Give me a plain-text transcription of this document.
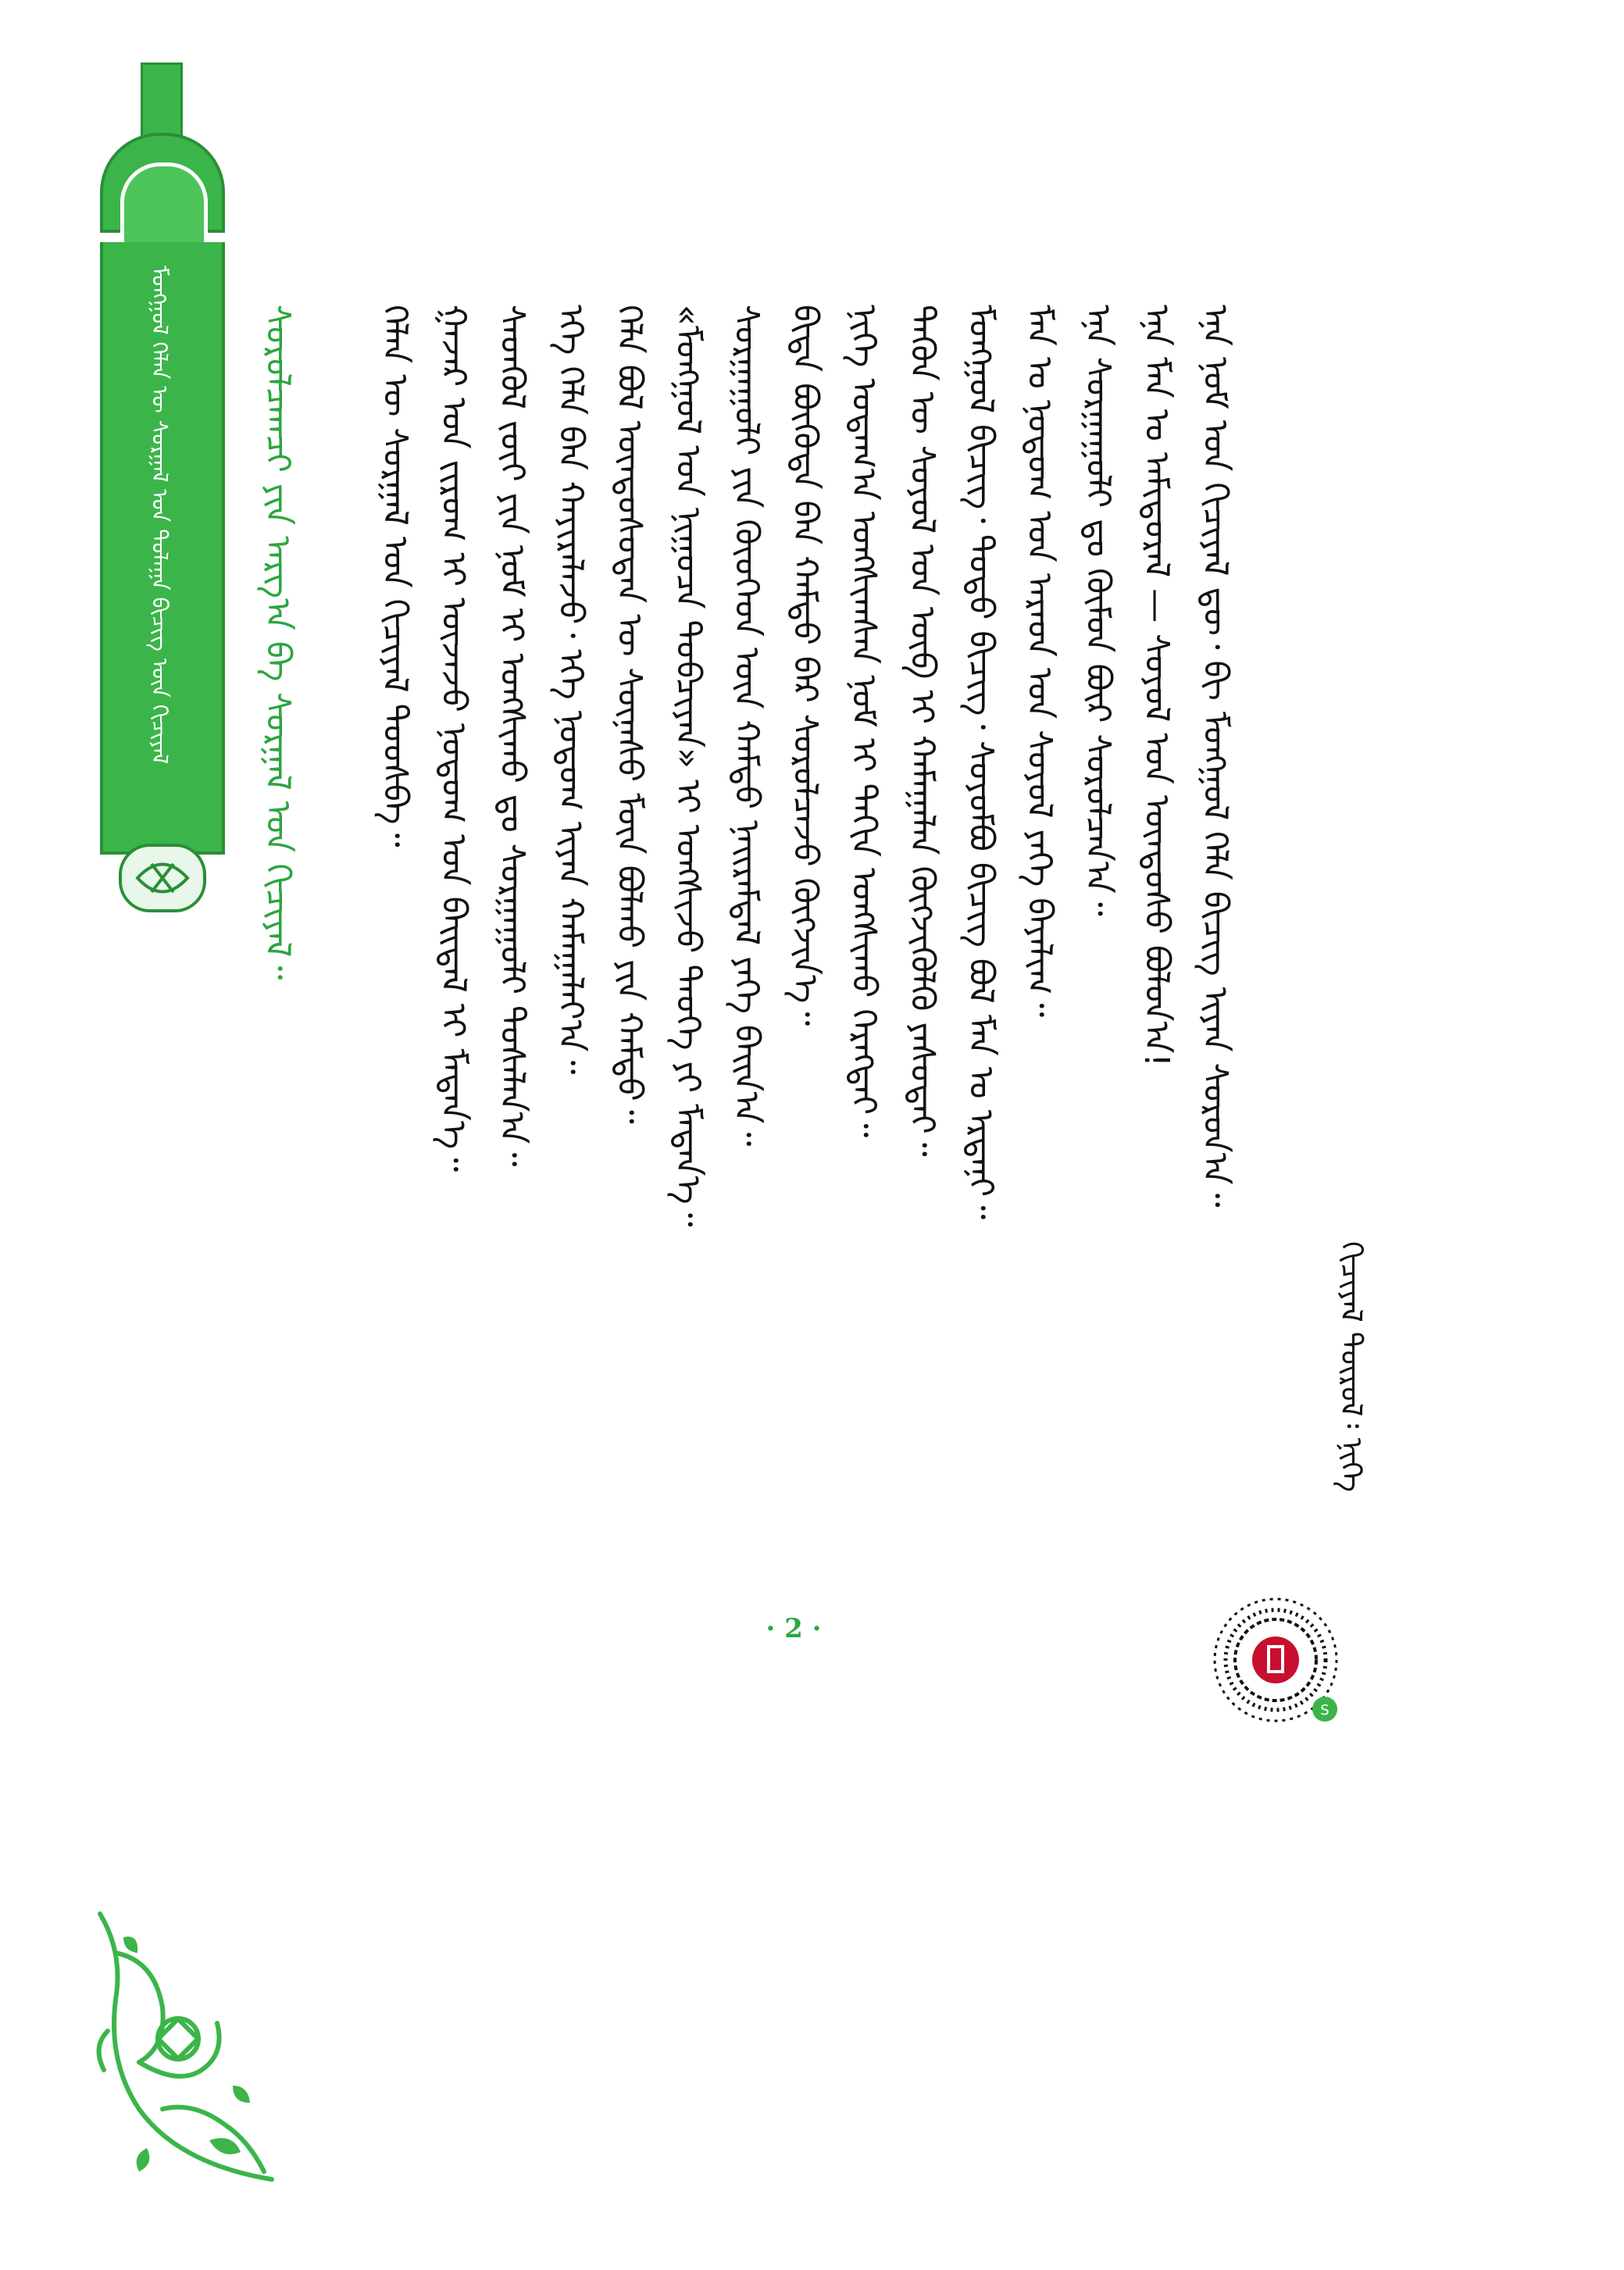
ᠮᠣᠩᠭᠣᠯ ᠬᠡᠯᠡᠨ ᠦ ᠰᠤᠷᠭᠠᠯ ᠤᠨ ᠲᠤᠯᠠᠭᠠ ᠪᠢᠴᠢᠭ ᠦᠨ ᠬᠢᠴᠢᠶᠡᠯ
ᠬᠢᠴᠢᠶᠡᠯ ᠲᠥᠷᠥᠯ᠄ ᠨᠢᠭᠡ
ᠡᠨᠡ ᠨᠣᠮ ᠤᠨ ᠬᠢᠴᠢᠶᠡᠯ ᠳᠦ᠂ ᠪᠢ ᠮᠣᠩᠭᠣᠯ ᠬᠡᠯᠡ ᠪᠢᠴᠢᠭ ᠢᠶᠡᠨ ᠰᠤᠷᠤᠨ᠎ᠠ᠃
ᠡᠨᠡ ᠮᠠᠨ ᠤ ᠠᠮᠢᠳᠤᠷᠠᠯ — ᠰᠣᠶᠤᠯ ᠤᠨ ᠦᠨᠳᠦᠰᠦ ᠪᠣᠯᠤᠨ᠎ᠠ!
ᠡᠨᠡ ᠰᠤᠷᠭᠠᠭᠤᠯᠢ ᠳᠤ ᠬᠦᠮᠦᠨ ᠪᠦᠷ ᠰᠤᠷᠤᠯᠴᠠᠨ᠎ᠠ᠃
ᠮᠠᠨ ᠤ ᠨᠤᠲᠤᠭ ᠤᠨ ᠠᠷᠠᠳ ᠤᠨ ᠰᠣᠶᠤᠯ ᠶᠡᠬᠡ ᠪᠠᠶᠠᠯᠢᠭ᠃
ᠮᠣᠩᠭᠣᠯ ᠪᠢᠴᠢᠭ᠂ ᠲᠣᠳᠣ ᠪᠢᠴᠢᠭ᠂ ᠰᠣᠶᠤᠮᠪᠤ ᠪᠢᠴᠢᠭ ᠪᠣᠯ ᠮᠠᠨ ᠤ ᠡᠷᠳᠡᠨᠢ᠃
ᠲᠡᠭᠦᠨ ᠦ ᠰᠣᠶᠤᠯ ᠤᠨ ᠦᠪ ᠢ ᠬᠠᠮᠠᠭᠠᠯᠠᠨ ᠬᠥᠭᠵᠢᠭᠦᠯᠬᠦ ᠶᠠᠰᠤᠲᠠᠢ᠃
ᠨᠢᠭᠡ ᠤᠳᠠᠭ᠎ᠠ ᠤᠩᠰᠢᠭᠰᠠᠨ ᠨᠣᠮ ᠢ ᠳᠠᠬᠢᠨ ᠤᠩᠰᠢᠬᠤ ᠬᠡᠷᠡᠭᠲᠡᠢ᠃
ᠪᠢᠳᠡ ᠪᠦᠬᠦᠳᠡ ᠪᠡᠨ ᠬᠠᠮᠲᠤ ᠪᠡᠷ ᠰᠤᠷᠤᠯᠴᠠᠵᠤ ᠬᠥᠭᠵᠢᠨ᠎ᠡ᠃
ᠰᠤᠷᠭᠠᠭᠤᠯᠢ ᠶᠢᠨ ᠬᠦᠦᠬᠡᠳ ᠦᠨ ᠬᠠᠮᠲᠤ ᠨᠠᠢᠷᠠᠮᠳᠠᠯ ᠶᠡᠬᠡ ᠪᠠᠢᠨ᠎ᠠ᠃
«ᠮᠣᠩᠭᠣᠯ ᠤᠨ ᠨᠢᠭᠤᠴᠠ ᠲᠣᠪᠴᠢᠶᠠᠨ» ᠢ ᠤᠩᠰᠢᠵᠤ ᠲᠡᠦᠬᠡ ᠶᠢ ᠮᠡᠳᠡᠨ᠎ᠡ᠃
ᠬᠡᠯᠡ ᠪᠣᠯ ᠦᠨᠳᠦᠰᠦᠲᠡᠨ ᠦ ᠰᠦᠨᠡᠰᠦ ᠮᠥᠨ ᠪᠣᠯᠬᠤ ᠶᠢᠨ ᠬᠠᠮᠲᠤ᠃
ᠡᠬᠡ ᠬᠡᠯᠡ ᠪᠡᠨ ᠬᠠᠶᠢᠷᠠᠯᠠᠵᠤ᠂ ᠡᠬᠡ ᠨᠤᠲᠤᠭ ᠢᠶᠠᠨ ᠬᠠᠮᠠᠭᠠᠯᠠᠶ᠎ᠠ᠃
ᠰᠡᠳᠬᠦᠯ ᠵᠦᠢ ᠶᠢᠨ ᠨᠣᠮ ᠢ ᠤᠩᠰᠢᠬᠤ ᠳᠤ ᠰᠤᠷᠭᠠᠭᠤᠯᠢ ᠳᠤᠰᠠᠯᠠᠨ᠎ᠠ᠃
ᠭᠠᠵᠠᠷ ᠤᠨ ᠵᠢᠷᠤᠭ ᠢ ᠦᠵᠡᠵᠦ ᠨᠤᠲᠤᠭ ᠤᠨ ᠪᠠᠢᠳᠠᠯ ᠢ ᠮᠡᠳᠡᠨ᠎ᠡ᠃
ᠬᠡᠯᠡᠨ ᠦ ᠰᠤᠷᠭᠠᠯ ᠤᠨ ᠬᠢᠴᠢᠶᠡᠯ ᠳᠤᠤᠰᠪᠠ᠃
ᠰᠤᠷᠤᠯᠴᠠᠭᠴᠢ ᠶᠢᠨ ᠠᠷᠭ᠎ᠠ ᠪᠠ ᠰᠤᠷᠭᠠᠯ ᠤᠨ ᠬᠢᠴᠢᠶᠡᠯ᠃
· 2 ·
S
